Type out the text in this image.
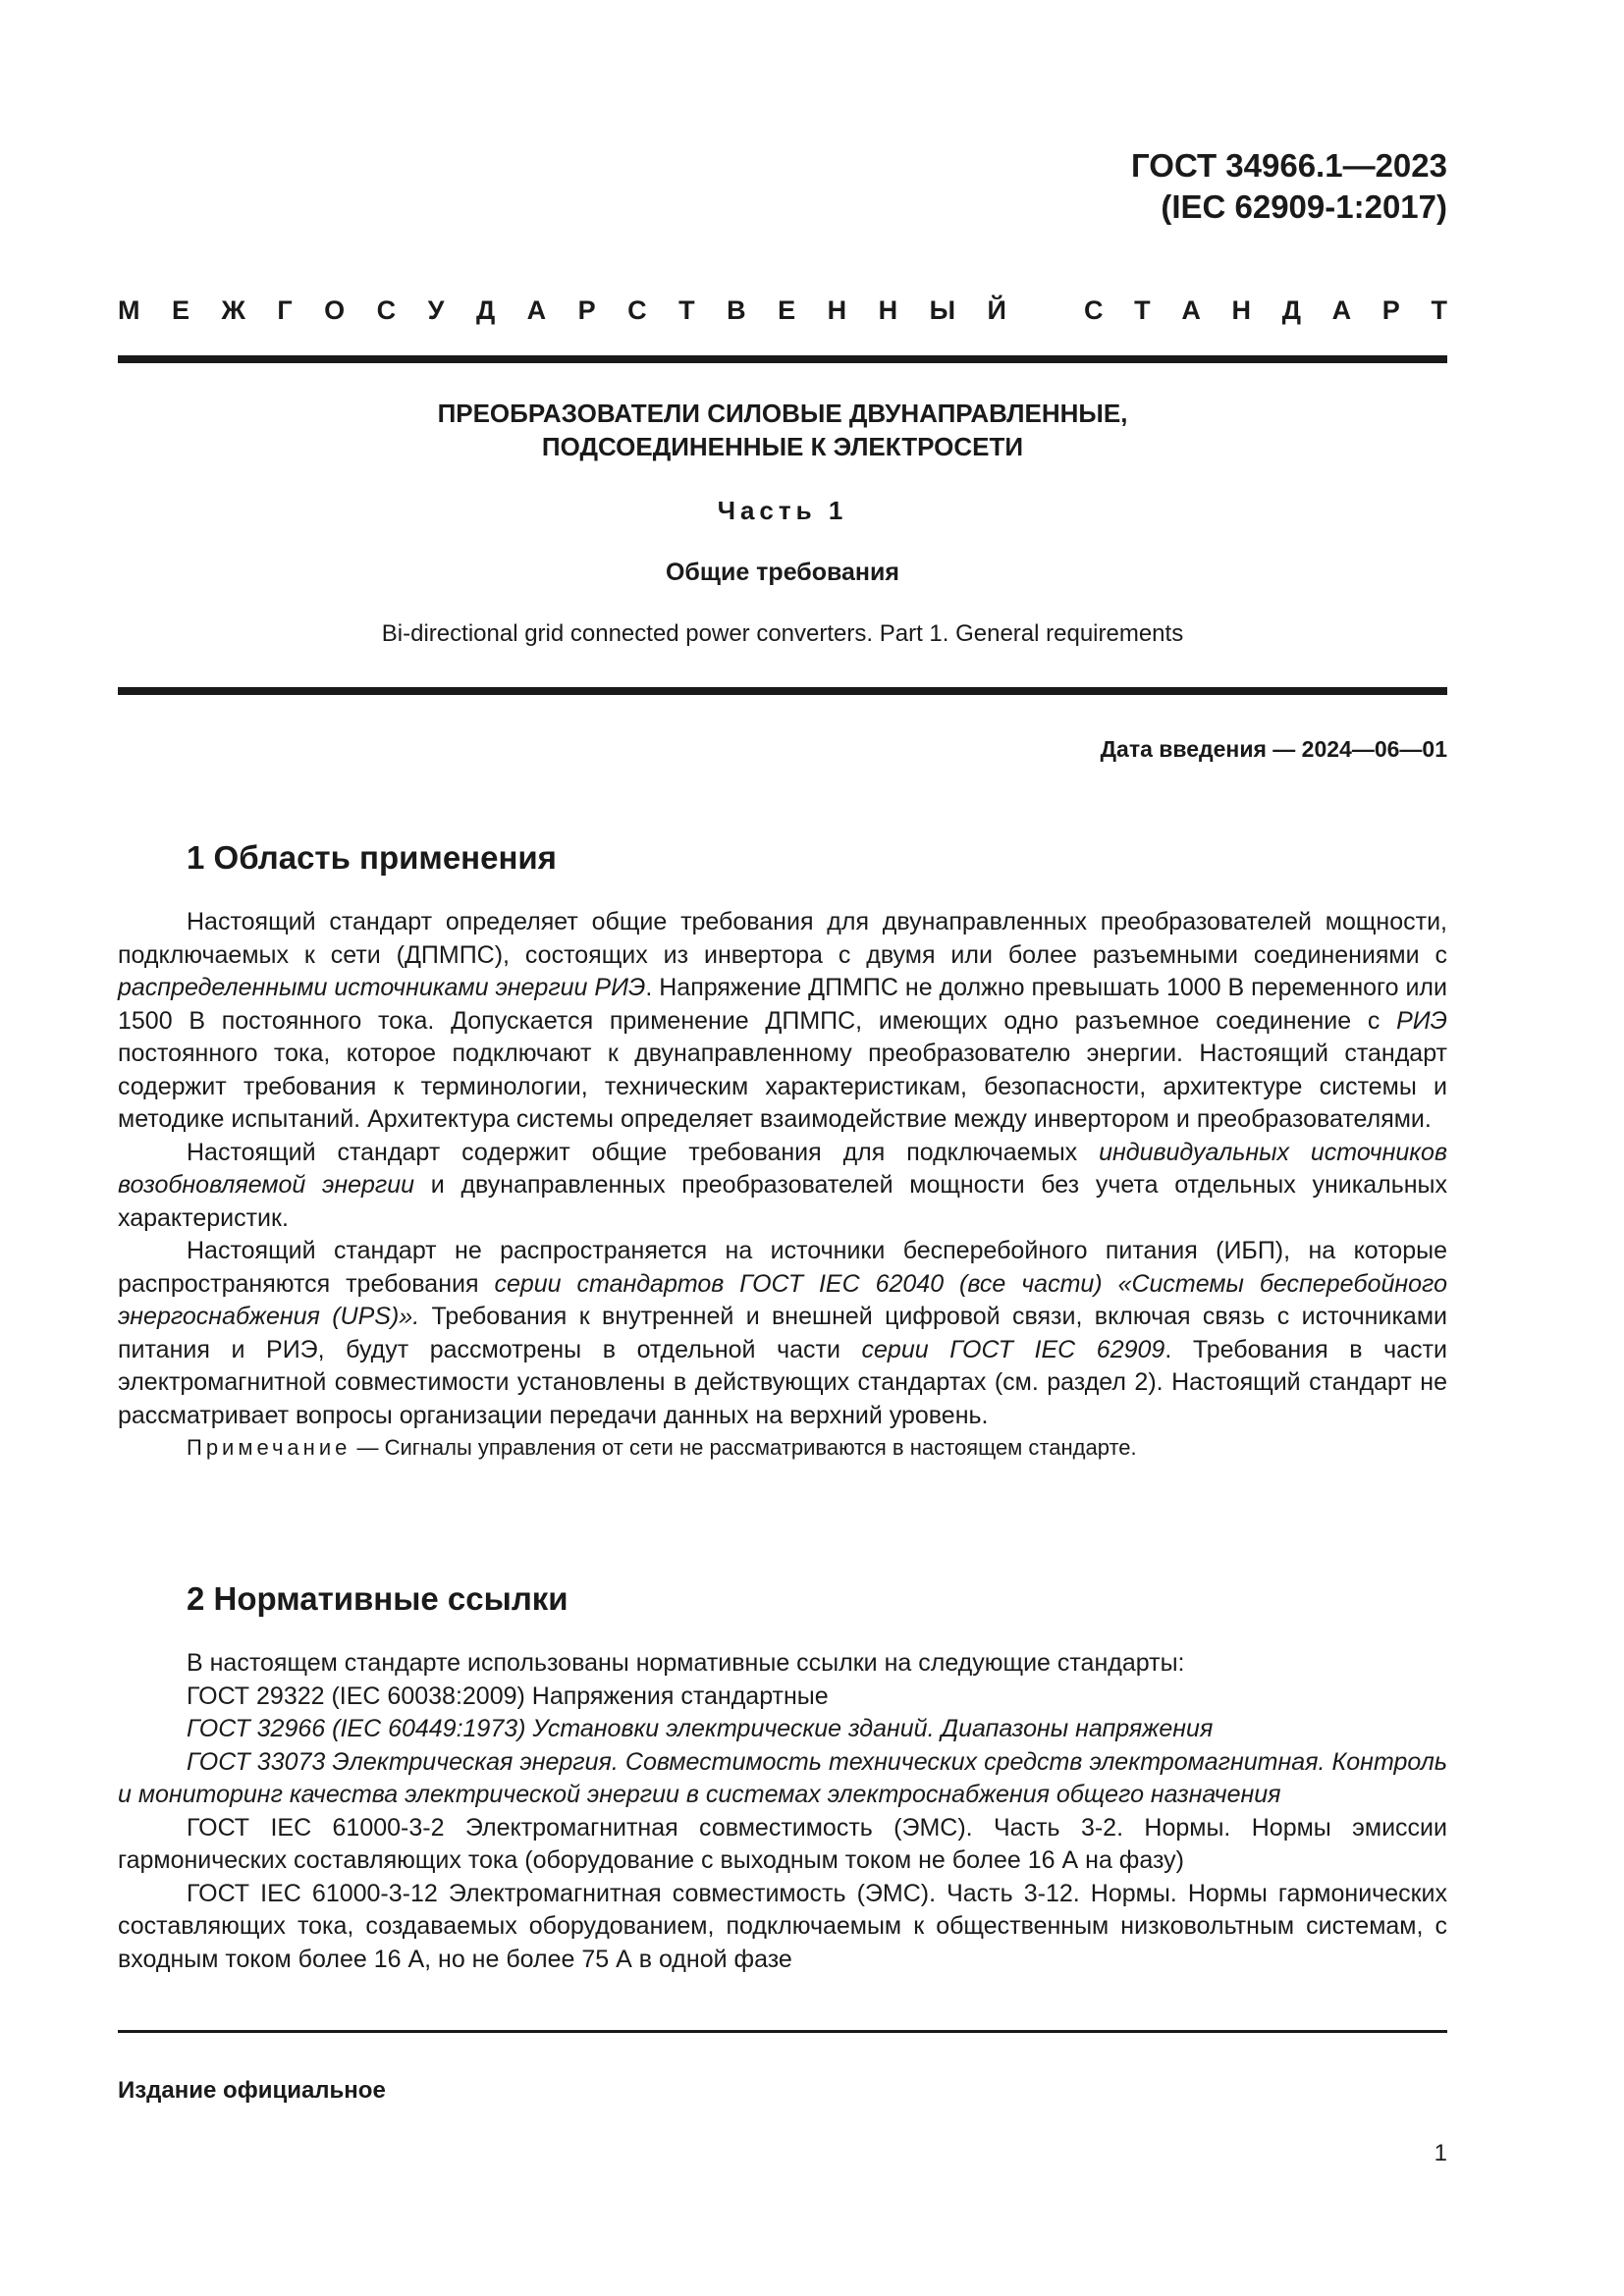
ГОСТ 34966.1—2023
(IEC 62909-1:2017)
М Е Ж Г О С У Д А Р С Т В Е Н Н Ы Й	С Т А Н Д А Р Т
ПРЕОБРАЗОВАТЕЛИ СИЛОВЫЕ ДВУНАПРАВЛЕННЫЕ,
ПОДСОЕДИНЕННЫЕ К ЭЛЕКТРОСЕТИ
Часть 1
Общие требования
Bi-directional grid connected power converters. Part 1. General requirements
Дата введения — 2024—06—01
1 Область применения

Настоящий стандарт определяет общие требования для двунаправленных преобразователей мощности, подключаемых к сети (ДПМПС), состоящих из инвертора с двумя или более разъемными соединениями с распределенными источниками энергии РИЭ. Напряжение ДПМПС не должно превышать 1000 В переменного или 1500 В постоянного тока. Допускается применение ДПМПС, имеющих одно разъемное соединение с РИЭ постоянного тока, которое подключают к двунаправленному преобразователю энергии. Настоящий стандарт содержит требования к терминологии, техническим характеристикам, безопасности, архитектуре системы и методике испытаний. Архитектура системы определяет взаимодействие между инвертором и преобразователями.

Настоящий стандарт содержит общие требования для подключаемых индивидуальных источников возобновляемой энергии и двунаправленных преобразователей мощности без учета отдельных уникальных характеристик.

Настоящий стандарт не распространяется на источники бесперебойного питания (ИБП), на которые распространяются требования серии стандартов ГОСТ IEC 62040 (все части) «Системы бесперебойного энергоснабжения (UPS)». Требования к внутренней и внешней цифровой связи, включая связь с источниками питания и РИЭ, будут рассмотрены в отдельной части серии ГОСТ IEC 62909. Требования в части электромагнитной совместимости установлены в действующих стандартах (см. раздел 2). Настоящий стандарт не рассматривает вопросы организации передачи данных на верхний уровень.

Примечание — Сигналы управления от сети не рассматриваются в настоящем стандарте.

2 Нормативные ссылки

В настоящем стандарте использованы нормативные ссылки на следующие стандарты:

ГОСТ 29322 (IEC 60038:2009) Напряжения стандартные

ГОСТ 32966 (IEC 60449:1973) Установки электрические зданий. Диапазоны напряжения

ГОСТ 33073 Электрическая энергия. Совместимость технических средств электромагнитная. Контроль и мониторинг качества электрической энергии в системах электроснабжения общего назначения

ГОСТ IEC 61000-3-2 Электромагнитная совместимость (ЭМС). Часть 3-2. Нормы. Нормы эмиссии гармонических составляющих тока (оборудование с выходным током не более 16 А на фазу)

ГОСТ IEC 61000-3-12 Электромагнитная совместимость (ЭМС). Часть 3-12. Нормы. Нормы гармонических составляющих тока, создаваемых оборудованием, подключаемым к общественным низковольтным системам, с входным током более 16 А, но не более 75 А в одной фазе

Издание официальное
1
